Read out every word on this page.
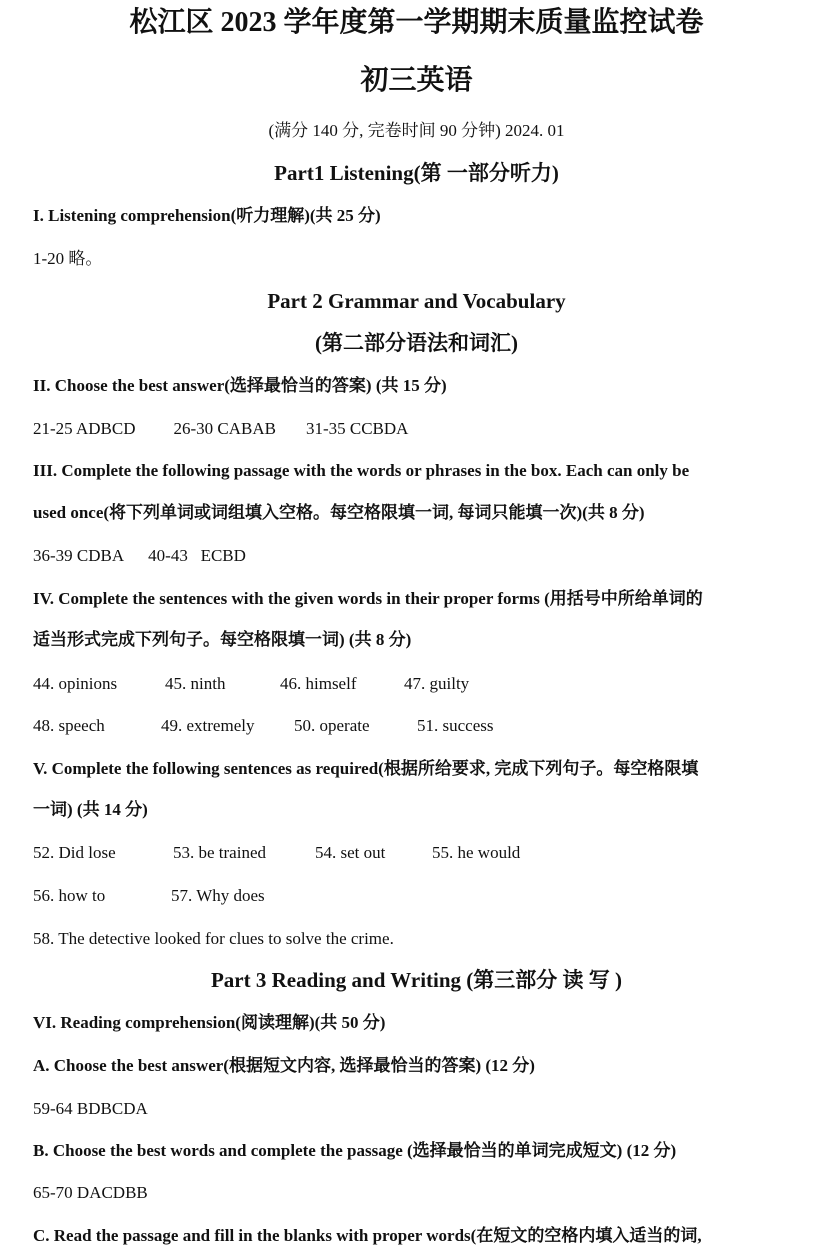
松江区 2023 学年度第一学期期末质量监控试卷
初三英语
(满分 140 分, 完卷时间 90 分钟) 2024. 01
Part1 Listening(第 一部分听力)
I. Listening comprehension(听力理解)(共 25 分)
1-20 略。
Part 2 Grammar and Vocabulary
(第二部分语法和词汇)
II. Choose the best answer(选择最恰当的答案) (共 15 分)
21-25 ADBCD 26-30 CABAB 31-35 CCBDA
III. Complete the following passage with the words or phrases in the box. Each can only be
used once(将下列单词或词组填入空格。每空格限填一词, 每词只能填一次)(共 8 分)
36-39 CDBA 40-43   ECBD
IV. Complete the sentences with the given words in their proper forms (用括号中所给单词的
适当形式完成下列句子。每空格限填一词) (共 8 分)
44. opinions	45. ninth	46. himself	47. guilty
48. speech	49. extremely 50. operate	51. success
V. Complete the following sentences as required(根据所给要求, 完成下列句子。每空格限填
一词) (共 14 分)
52. Did lose	53. be trained	54. set out	55. he would
56. how to	57. Why does
58. The detective looked for clues to solve the crime.
Part 3 Reading and Writing (第三部分 读 写 )
VI. Reading comprehension(阅读理解)(共 50 分)
A. Choose the best answer(根据短文内容, 选择最恰当的答案) (12 分)
59-64 BDBCDA
B. Choose the best words and complete the passage (选择最恰当的单词完成短文) (12 分)
65-70 DACDBB
C. Read the passage and fill in the blanks with proper words(在短文的空格内填入适当的词,
